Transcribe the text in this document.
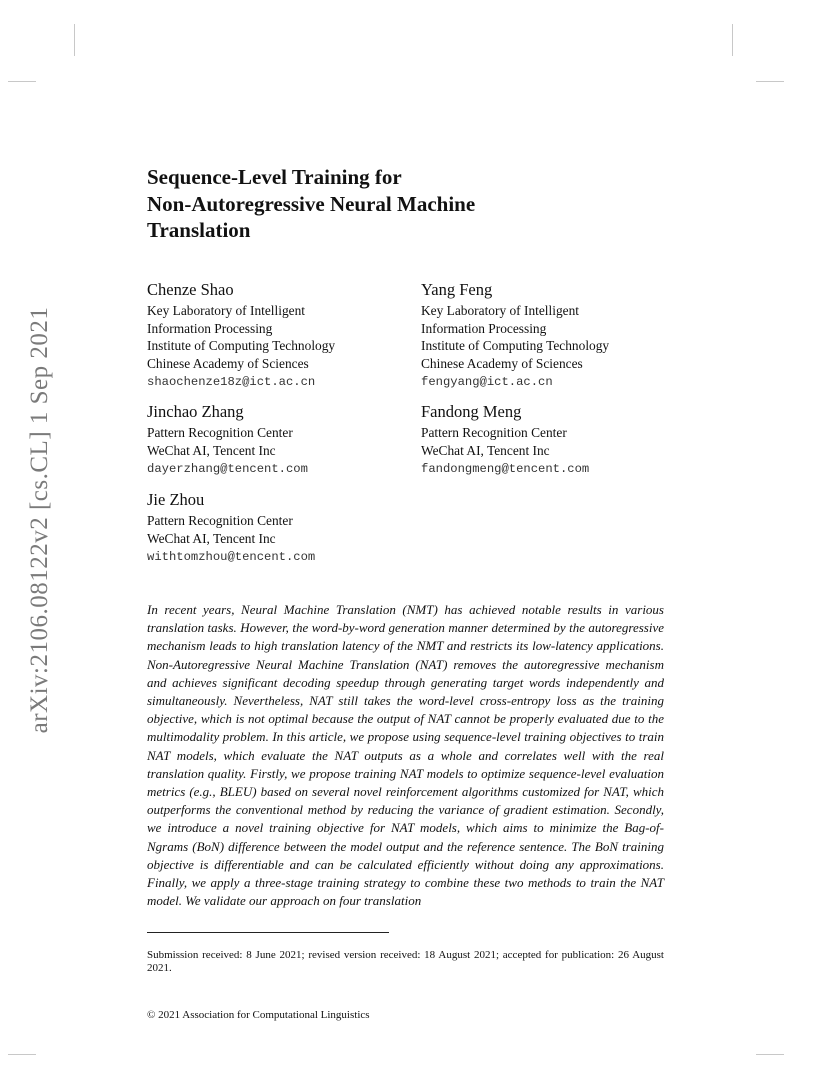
arXiv:2106.08122v2 [cs.CL] 1 Sep 2021
Sequence-Level Training for
Non-Autoregressive Neural Machine
Translation
Chenze Shao
Key Laboratory of Intelligent
Information Processing
Institute of Computing Technology
Chinese Academy of Sciences
shaochenze18z@ict.ac.cn
Yang Feng
Key Laboratory of Intelligent
Information Processing
Institute of Computing Technology
Chinese Academy of Sciences
fengyang@ict.ac.cn
Jinchao Zhang
Pattern Recognition Center
WeChat AI, Tencent Inc
dayerzhang@tencent.com
Fandong Meng
Pattern Recognition Center
WeChat AI, Tencent Inc
fandongmeng@tencent.com
Jie Zhou
Pattern Recognition Center
WeChat AI, Tencent Inc
withtomzhou@tencent.com

In recent years, Neural Machine Translation (NMT) has achieved notable results in various translation tasks. However, the word-by-word generation manner determined by the autoregressive mechanism leads to high translation latency of the NMT and restricts its low-latency applications. Non-Autoregressive Neural Machine Translation (NAT) removes the autoregressive mechanism and achieves significant decoding speedup through generating target words independently and simultaneously. Nevertheless, NAT still takes the word-level cross-entropy loss as the training objective, which is not optimal because the output of NAT cannot be properly evaluated due to the multimodality problem. In this article, we propose using sequence-level training objectives to train NAT models, which evaluate the NAT outputs as a whole and correlates well with the real translation quality. Firstly, we propose training NAT models to optimize sequence-level evaluation metrics (e.g., BLEU) based on several novel reinforcement algorithms customized for NAT, which outperforms the conventional method by reducing the variance of gradient estimation. Secondly, we introduce a novel training objective for NAT models, which aims to minimize the Bag-of-Ngrams (BoN) difference between the model output and the reference sentence. The BoN training objective is differentiable and can be calculated efficiently without doing any approximations. Finally, we apply a three-stage training strategy to combine these two methods to train the NAT model. We validate our approach on four translation

Submission received: 8 June 2021; revised version received: 18 August 2021; accepted for publication: 26 August 2021.
© 2021 Association for Computational Linguistics
